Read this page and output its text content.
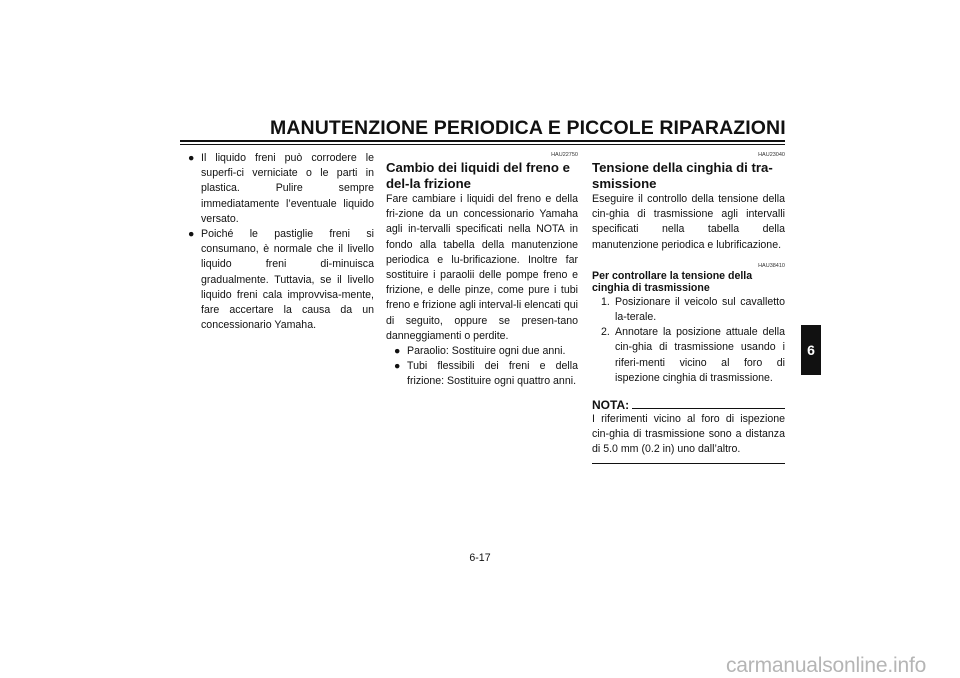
MANUTENZIONE PERIODICA E PICCOLE RIPARAZIONI
6
● Il liquido freni può corrodere le superfi-ci verniciate o le parti in plastica. Pulire sempre immediatamente l’eventuale liquido versato.
● Poiché le pastiglie freni si consumano, è normale che il livello liquido freni di-minuisca gradualmente. Tuttavia, se il livello liquido freni cala improvvisa-mente, fare accertare la causa da un concessionario Yamaha.
HAU22750
Cambio dei liquidi del freno e del-la frizione
Fare cambiare i liquidi del freno e della fri-zione da un concessionario Yamaha agli in-tervalli specificati nella NOTA in fondo alla tabella della manutenzione periodica e lu-brificazione. Inoltre far sostituire i paraolii delle pompe freno e frizione, e delle pinze, come pure i tubi freno e frizione agli interval-li elencati qui di seguito, oppure se presen-tano danneggiamenti o perdite.
● Paraolio: Sostituire ogni due anni.
● Tubi flessibili dei freni e della frizione: Sostituire ogni quattro anni.
HAU23040
Tensione della cinghia di tra-smissione
Eseguire il controllo della tensione della cin-ghia di trasmissione agli intervalli specificati nella tabella della manutenzione periodica e lubrificazione.
HAU38410
Per controllare la tensione della cinghia di trasmissione
1. Posizionare il veicolo sul cavalletto la-terale.
2. Annotare la posizione attuale della cin-ghia di trasmissione usando i riferi-menti vicino al foro di ispezione cinghia di trasmissione.
NOTA:
I riferimenti vicino al foro di ispezione cin-ghia di trasmissione sono a distanza di 5.0 mm (0.2 in) uno dall’altro.
6-17
carmanualsonline.info
